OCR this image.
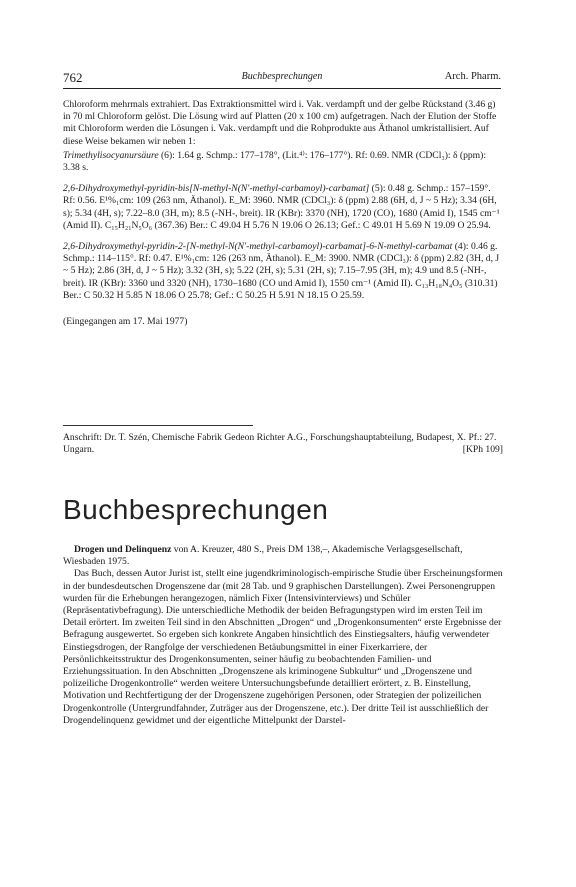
762	Buchbesprechungen	Arch. Pharm.

Chloroform mehrmals extrahiert. Das Extraktionsmittel wird i. Vak. verdampft und der gelbe Rückstand (3.46 g) in 70 ml Chloroform gelöst. Die Lösung wird auf Platten (20 x 100 cm) aufgetragen. Nach der Elution der Stoffe mit Chloroform werden die Lösungen i. Vak. verdampft und die Rohprodukte aus Äthanol umkristallisiert. Auf diese Weise bekamen wir neben 1:

Trimethylisocyanursäure (6): 1.64 g. Schmp.: 177–178°, (Lit.⁴⁾: 176–177°). Rf: 0.69. NMR (CDCl₃): δ (ppm): 3.38 s.

2,6-Dihydroxymethyl-pyridin-bis[N-methyl-N(N'-methyl-carbamoyl)-carbamat] (5): 0.48 g. Schmp.: 157–159°. Rf: 0.56. E¹%₁cm: 109 (263 nm, Äthanol). E_M: 3960. NMR (CDCl₃): δ (ppm) 2.88 (6H, d, J ~ 5 Hz); 3.34 (6H, s); 5.34 (4H, s); 7.22–8.0 (3H, m); 8.5 (-NH-, breit). IR (KBr): 3370 (NH), 1720 (CO), 1680 (Amid I), 1545 cm⁻¹ (Amid II). C₁₅H₂₁N₅O₆ (367.36) Ber.: C 49.04 H 5.76 N 19.06 O 26.13; Gef.: C 49.01 H 5.69 N 19.09 O 25.94.

2,6-Dihydroxymethyl-pyridin-2-[N-methyl-N(N'-methyl-carbamoyl)-carbamat]-6-N-methyl-carbamat (4): 0.46 g. Schmp.: 114–115°. Rf: 0.47. E¹%₁cm: 126 (263 nm, Äthanol). E_M: 3900. NMR (CDCl₃): δ (ppm) 2.82 (3H, d, J ~ 5 Hz); 2.86 (3H, d, J ~ 5 Hz); 3.32 (3H, s); 5.22 (2H, s); 5.31 (2H, s); 7.15–7.95 (3H, m); 4.9 und 8.5 (-NH-, breit). IR (KBr): 3360 und 3320 (NH), 1730–1680 (CO und Amid I), 1550 cm⁻¹ (Amid II). C₁₃H₁₈N₄O₅ (310.31) Ber.: C 50.32 H 5.85 N 18.06 O 25.78; Gef.: C 50.25 H 5.91 N 18.15 O 25.59.

(Eingegangen am 17. Mai 1977)

Anschrift: Dr. T. Szén, Chemische Fabrik Gedeon Richter A.G., Forschungshauptabteilung, Budapest, X. Pf.: 27. Ungarn.	[KPh 109]

Buchbesprechungen

Drogen und Delinquenz von A. Kreuzer, 480 S., Preis DM 138,–, Akademische Verlagsgesellschaft, Wiesbaden 1975.

Das Buch, dessen Autor Jurist ist, stellt eine jugendkriminologisch-empirische Studie über Erscheinungsformen in der bundesdeutschen Drogenszene dar (mit 28 Tab. und 9 graphischen Darstellungen). Zwei Personengruppen wurden für die Erhebungen herangezogen, nämlich Fixer (Intensivinterviews) und Schüler (Repräsentativbefragung). Die unterschiedliche Methodik der beiden Befragungstypen wird im ersten Teil im Detail erörtert. Im zweiten Teil sind in den Abschnitten „Drogen“ und „Drogenkonsumenten“ erste Ergebnisse der Befragung ausgewertet. So ergeben sich konkrete Angaben hinsichtlich des Einstiegsalters, häufig verwendeter Einstiegsdrogen, der Rangfolge der verschiedenen Betäubungsmittel in einer Fixerkarriere, der Persönlichkeitsstruktur des Drogenkonsumenten, seiner häufig zu beobachtenden Familien- und Erziehungssituation. In den Abschnitten „Drogenszene als kriminogene Subkultur“ und „Drogenszene und polizeiliche Drogenkontrolle“ werden weitere Untersuchungsbefunde detailliert erörtert, z. B. Einstellung, Motivation und Rechtfertigung der der Drogenszene zugehörigen Personen, oder Strategien der polizeilichen Drogenkontrolle (Untergrundfahnder, Zuträger aus der Drogenszene, etc.). Der dritte Teil ist ausschließlich der Drogendelinquenz gewidmet und der eigentliche Mittelpunkt der Darstel-
